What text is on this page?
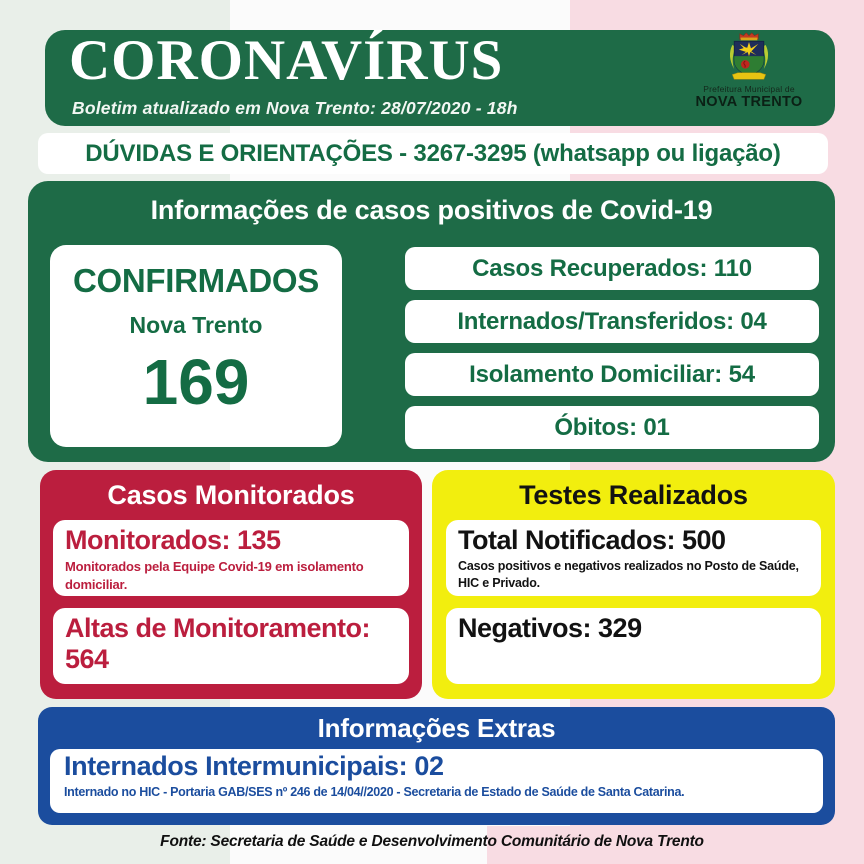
CORONAVÍRUS
Boletim atualizado em Nova Trento: 28/07/2020 - 18h
Prefeitura Municipal de
NOVA TRENTO
DÚVIDAS E ORIENTAÇÕES - 3267-3295 (whatsapp ou ligação)
Informações de casos positivos de Covid-19
CONFIRMADOS
Nova Trento
169
Casos Recuperados: 110
Internados/Transferidos: 04
Isolamento Domiciliar: 54
Óbitos: 01
Casos Monitorados
Monitorados: 135
Monitorados pela Equipe Covid-19 em isolamento domiciliar.
Altas de Monitoramento: 564
Testes Realizados
Total Notificados: 500
Casos positivos e negativos realizados no Posto de Saúde, HIC e Privado.
Negativos: 329
Informações Extras
Internados Intermunicipais: 02
Internado no HIC - Portaria GAB/SES nº 246 de 14/04//2020 - Secretaria de Estado de Saúde de Santa Catarina.
Fonte: Secretaria de Saúde e Desenvolvimento Comunitário de Nova Trento
